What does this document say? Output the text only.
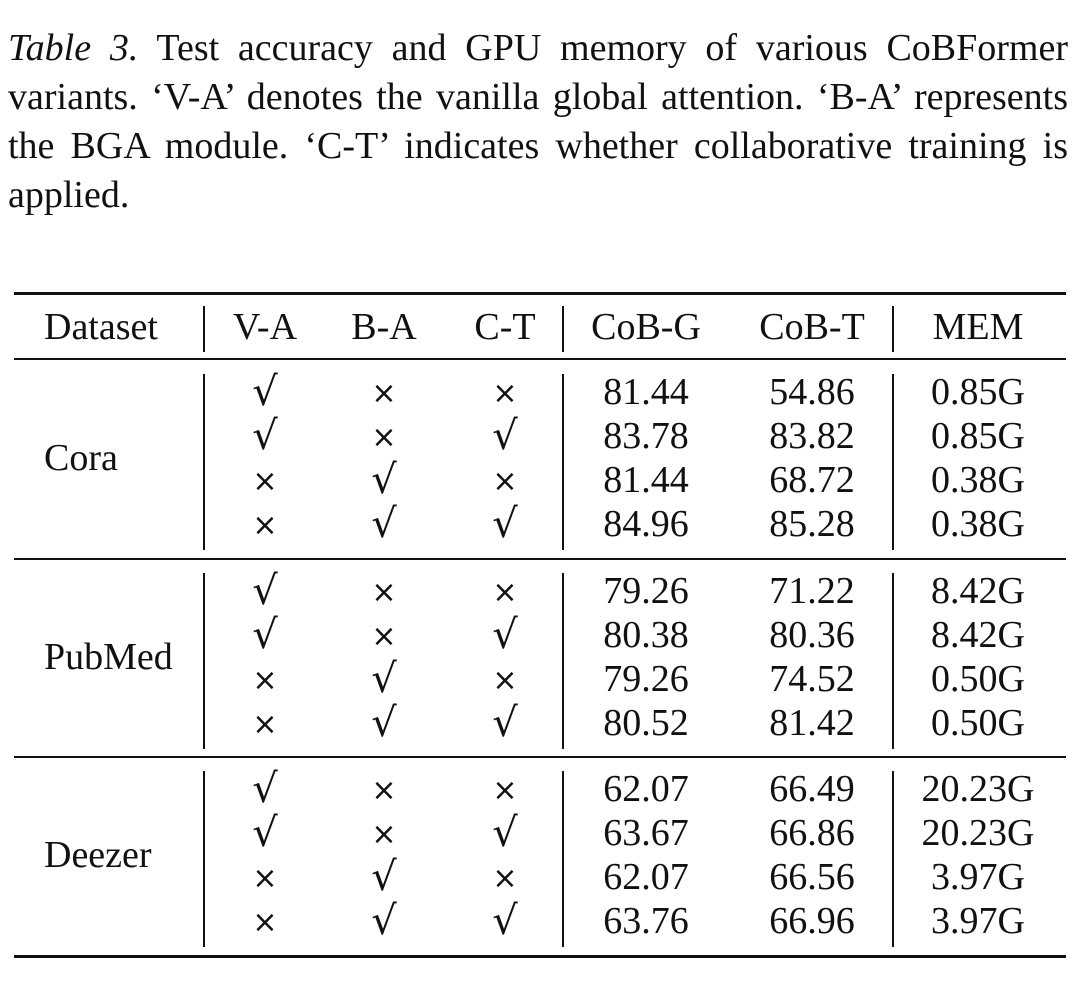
Table 3. Test accuracy and GPU memory of various CoBFormer variants. ‘V-A’ denotes the vanilla global attention. ‘B-A’ represents the BGA module. ‘C-T’ indicates whether collaborative training is applied.
Dataset V-A B-A C-T CoB-G CoB-T MEM
Cora
√	×	× 81.44 54.86 0.85G
√	× √ 83.78 83.82 0.85G
× √	× 81.44 68.72 0.38G
× √ √ 84.96 85.28 0.38G
PubMed
√	×	× 79.26 71.22 8.42G
√	× √ 80.38 80.36 8.42G
× √	× 79.26 74.52 0.50G
× √ √ 80.52 81.42 0.50G
Deezer
√	×	× 62.07 66.49 20.23G
√	× √ 63.67 66.86 20.23G
× √	× 62.07 66.56 3.97G
× √ √ 63.76 66.96 3.97G
